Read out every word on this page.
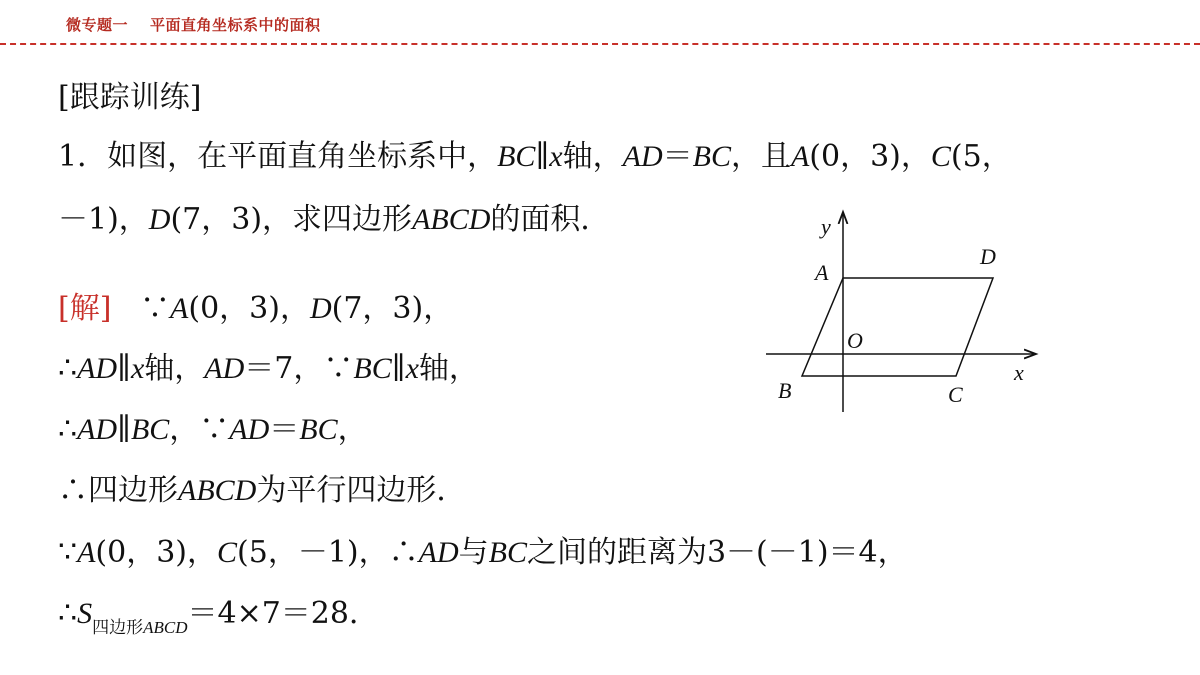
微专题一 平面直角坐标系中的面积
[跟踪训练]
1．如图，在平面直角坐标系中，BC∥x轴，AD＝BC，且A(0，3)，C(5，
－1)，D(7，3)，求四边形ABCD的面积．
[解] ∵A(0，3)，D(7，3)，
∴AD∥x轴，AD＝7，∵BC∥x轴，
∴AD∥BC，∵AD＝BC，
∴四边形ABCD为平行四边形．
∵A(0，3)，C(5，－1)，∴AD与BC之间的距离为3－(－1)＝4，
$\therefore S_{四边形ABCD}=4\times 7=28$．
y
x
O
A
D
B	C
